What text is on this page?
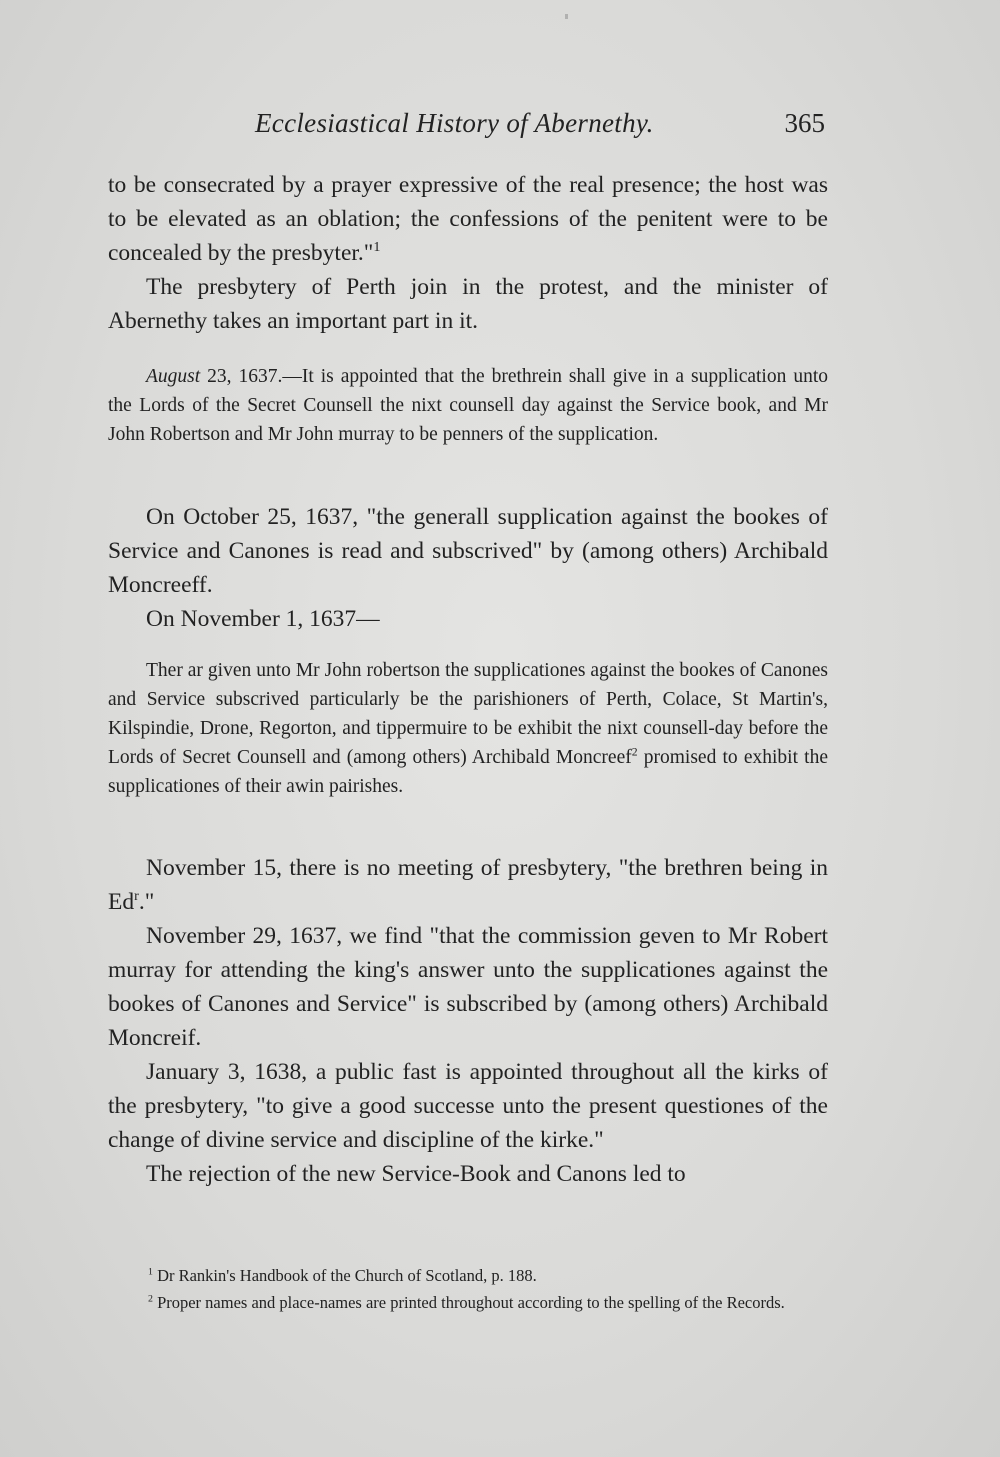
Ecclesiastical History of Abernethy.	365

to be consecrated by a prayer expressive of the real presence; the host was to be elevated as an oblation; the confessions of the penitent were to be concealed by the presbyter."$^1$

The presbytery of Perth join in the protest, and the minister of Abernethy takes an important part in it.

August 23, 1637.—It is appointed that the brethrein shall give in a supplication unto the Lords of the Secret Counsell the nixt counsell day against the Service book, and Mr John Robertson and Mr John murray to be penners of the supplication.

On October 25, 1637, "the generall supplication against the bookes of Service and Canones is read and subscrived" by (among others) Archibald Moncreeff.

On November 1, 1637—

Ther ar given unto Mr John robertson the supplicationes against the bookes of Canones and Service subscrived particularly be the parishioners of Perth, Colace, St Martin's, Kilspindie, Drone, Regorton, and tippermuire to be exhibit the nixt counsell-day before the Lords of Secret Counsell and (among others) Archibald Moncreef$^2$ promised to exhibit the supplicationes of their awin pairishes.

November 15, there is no meeting of presbytery, "the brethren being in Ed$^r$."

November 29, 1637, we find "that the commission geven to Mr Robert murray for attending the king's answer unto the supplicationes against the bookes of Canones and Service" is subscribed by (among others) Archibald Moncreif.

January 3, 1638, a public fast is appointed throughout all the kirks of the presbytery, "to give a good successe unto the present questiones of the change of divine service and discipline of the kirke."

The rejection of the new Service-Book and Canons led to

$^1$ Dr Rankin's Handbook of the Church of Scotland, p. 188.

$^2$ Proper names and place-names are printed throughout according to the spelling of the Records.
